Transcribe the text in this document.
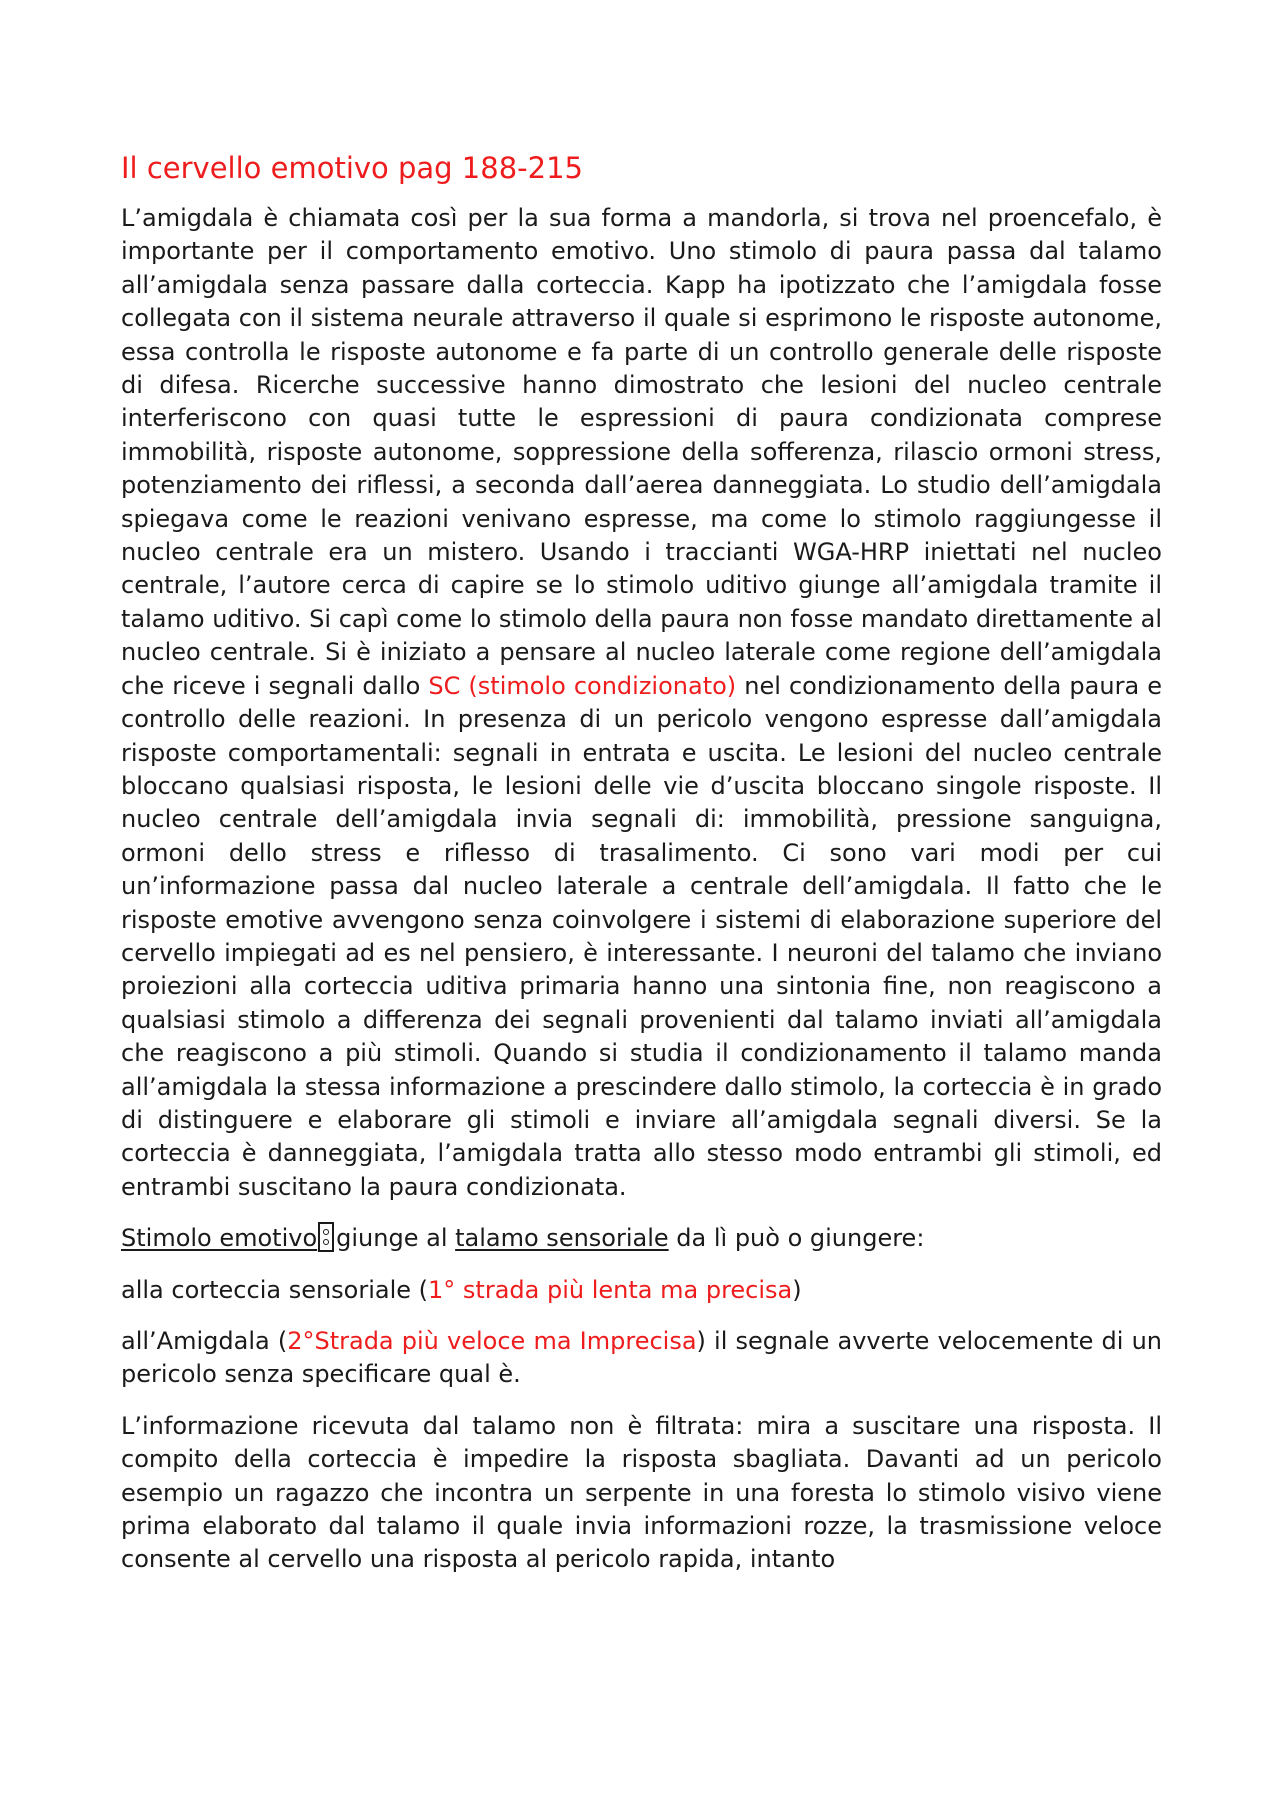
Il cervello emotivo pag 188-215

L’amigdala è chiamata così per la sua forma a mandorla, si trova nel proencefalo, è importante per il comportamento emotivo. Uno stimolo di paura passa dal talamo all’amigdala senza passare dalla corteccia. Kapp ha ipotizzato che l’amigdala fosse collegata con il sistema neurale attraverso il quale si esprimono le risposte autonome, essa controlla le risposte autonome e fa parte di un controllo generale delle risposte di difesa. Ricerche successive hanno dimostrato che lesioni del nucleo centrale interferiscono con quasi tutte le espressioni di paura condizionata comprese immobilità, risposte autonome, soppressione della sofferenza, rilascio ormoni stress, potenziamento dei riflessi, a seconda dall’aerea danneggiata. Lo studio dell’amigdala spiegava come le reazioni venivano espresse, ma come lo stimolo raggiungesse il nucleo centrale era un mistero. Usando i traccianti WGA-HRP iniettati nel nucleo centrale, l’autore cerca di capire se lo stimolo uditivo giunge all’amigdala tramite il talamo uditivo. Si capì come lo stimolo della paura non fosse mandato direttamente al nucleo centrale. Si è iniziato a pensare al nucleo laterale come regione dell’amigdala che riceve i segnali dallo SC (stimolo condizionato) nel condizionamento della paura e controllo delle reazioni. In presenza di un pericolo vengono espresse dall’amigdala risposte comportamentali: segnali in entrata e uscita. Le lesioni del nucleo centrale bloccano qualsiasi risposta, le lesioni delle vie d’uscita bloccano singole risposte. Il nucleo centrale dell’amigdala invia segnali di: immobilità, pressione sanguigna, ormoni dello stress e riflesso di trasalimento. Ci sono vari modi per cui un’informazione passa dal nucleo laterale a centrale dell’amigdala. Il fatto che le risposte emotive avvengono senza coinvolgere i sistemi di elaborazione superiore del cervello impiegati ad es nel pensiero, è interessante. I neuroni del talamo che inviano proiezioni alla corteccia uditiva primaria hanno una sintonia fine, non reagiscono a qualsiasi stimolo a differenza dei segnali provenienti dal talamo inviati all’amigdala che reagiscono a più stimoli. Quando si studia il condizionamento il talamo manda all’amigdala la stessa informazione a prescindere dallo stimolo, la corteccia è in grado di distinguere e elaborare gli stimoli e inviare all’amigdala segnali diversi. Se la corteccia è danneggiata, l’amigdala tratta allo stesso modo entrambi gli stimoli, ed entrambi suscitano la paura condizionata.

Stimolo emotivo giunge al talamo sensoriale da lì può o giungere:

alla corteccia sensoriale (1° strada più lenta ma precisa)

all’Amigdala (2°Strada più veloce ma Imprecisa) il segnale avverte velocemente di un pericolo senza specificare qual è.

L’informazione ricevuta dal talamo non è filtrata: mira a suscitare una risposta. Il compito della corteccia è impedire la risposta sbagliata. Davanti ad un pericolo esempio un ragazzo che incontra un serpente in una foresta lo stimolo visivo viene prima elaborato dal talamo il quale invia informazioni rozze, la trasmissione veloce consente al cervello una risposta al pericolo rapida, intanto
